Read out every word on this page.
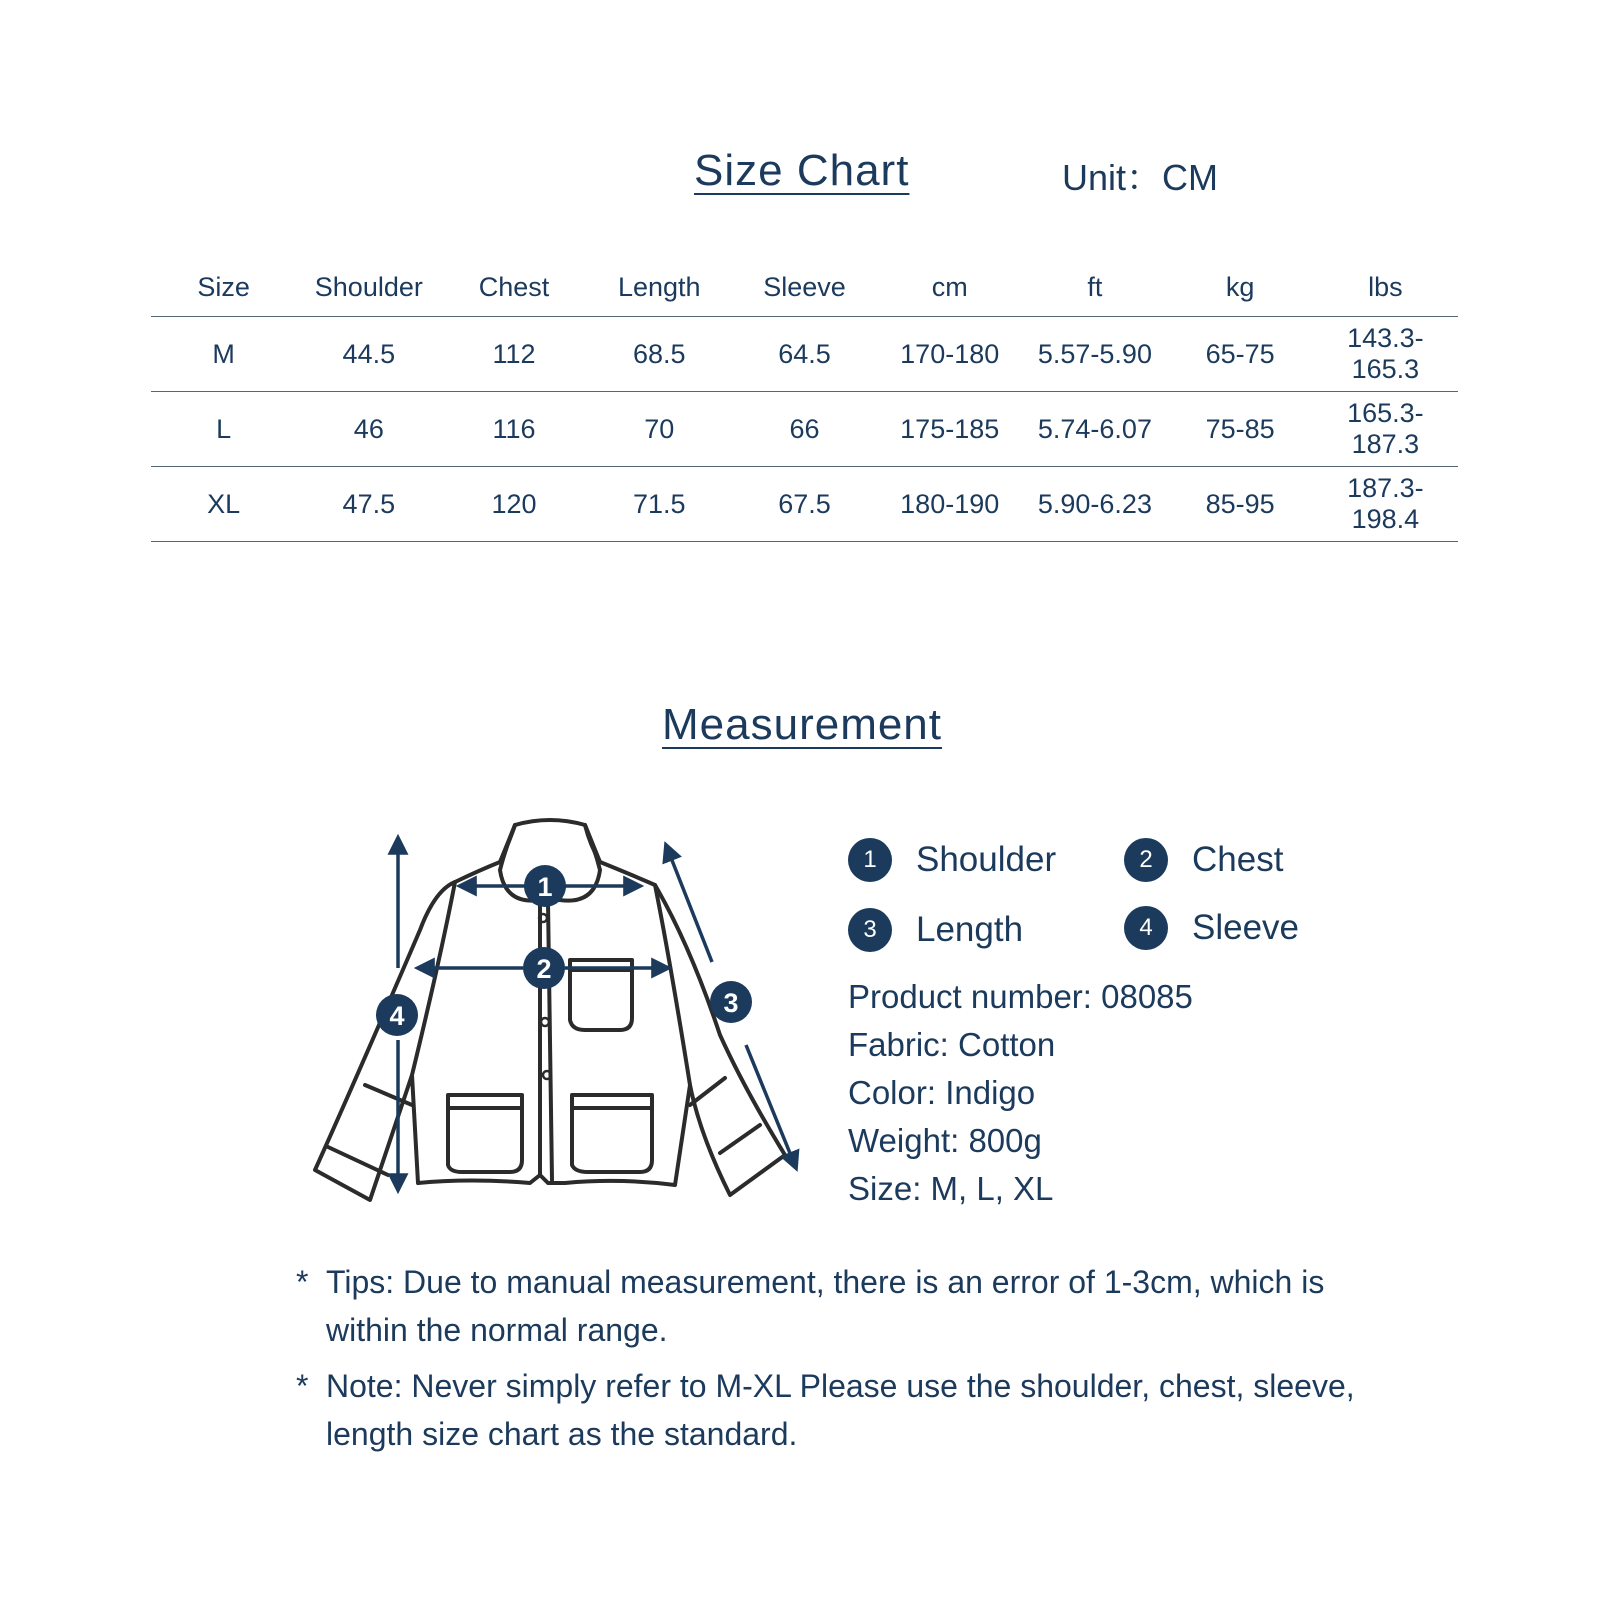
Size Chart	Unit：CM
Size	Shoulder	Chest	Length	Sleeve	cm	ft	kg	lbs
M	44.5	112	68.5	64.5	170-180	5.57-5.90	65-75	143.3-165.3
L	46	116	70	66	175-185	5.74-6.07	75-85	165.3-187.3
XL	47.5	120	71.5	67.5	180-190	5.90-6.23	85-95	187.3-198.4
Measurement
1
2
3
4
1	Shoulder	2	Chest
3	Length	4	Sleeve
Product number: 08085
Fabric: Cotton
Color: Indigo
Weight: 800g
Size: M, L, XL
* Tips: Due to manual measurement, there is an error of 1-3cm, which is within the normal range.
* Note: Never simply refer to M-XL Please use the shoulder, chest, sleeve, length size chart as the standard.
